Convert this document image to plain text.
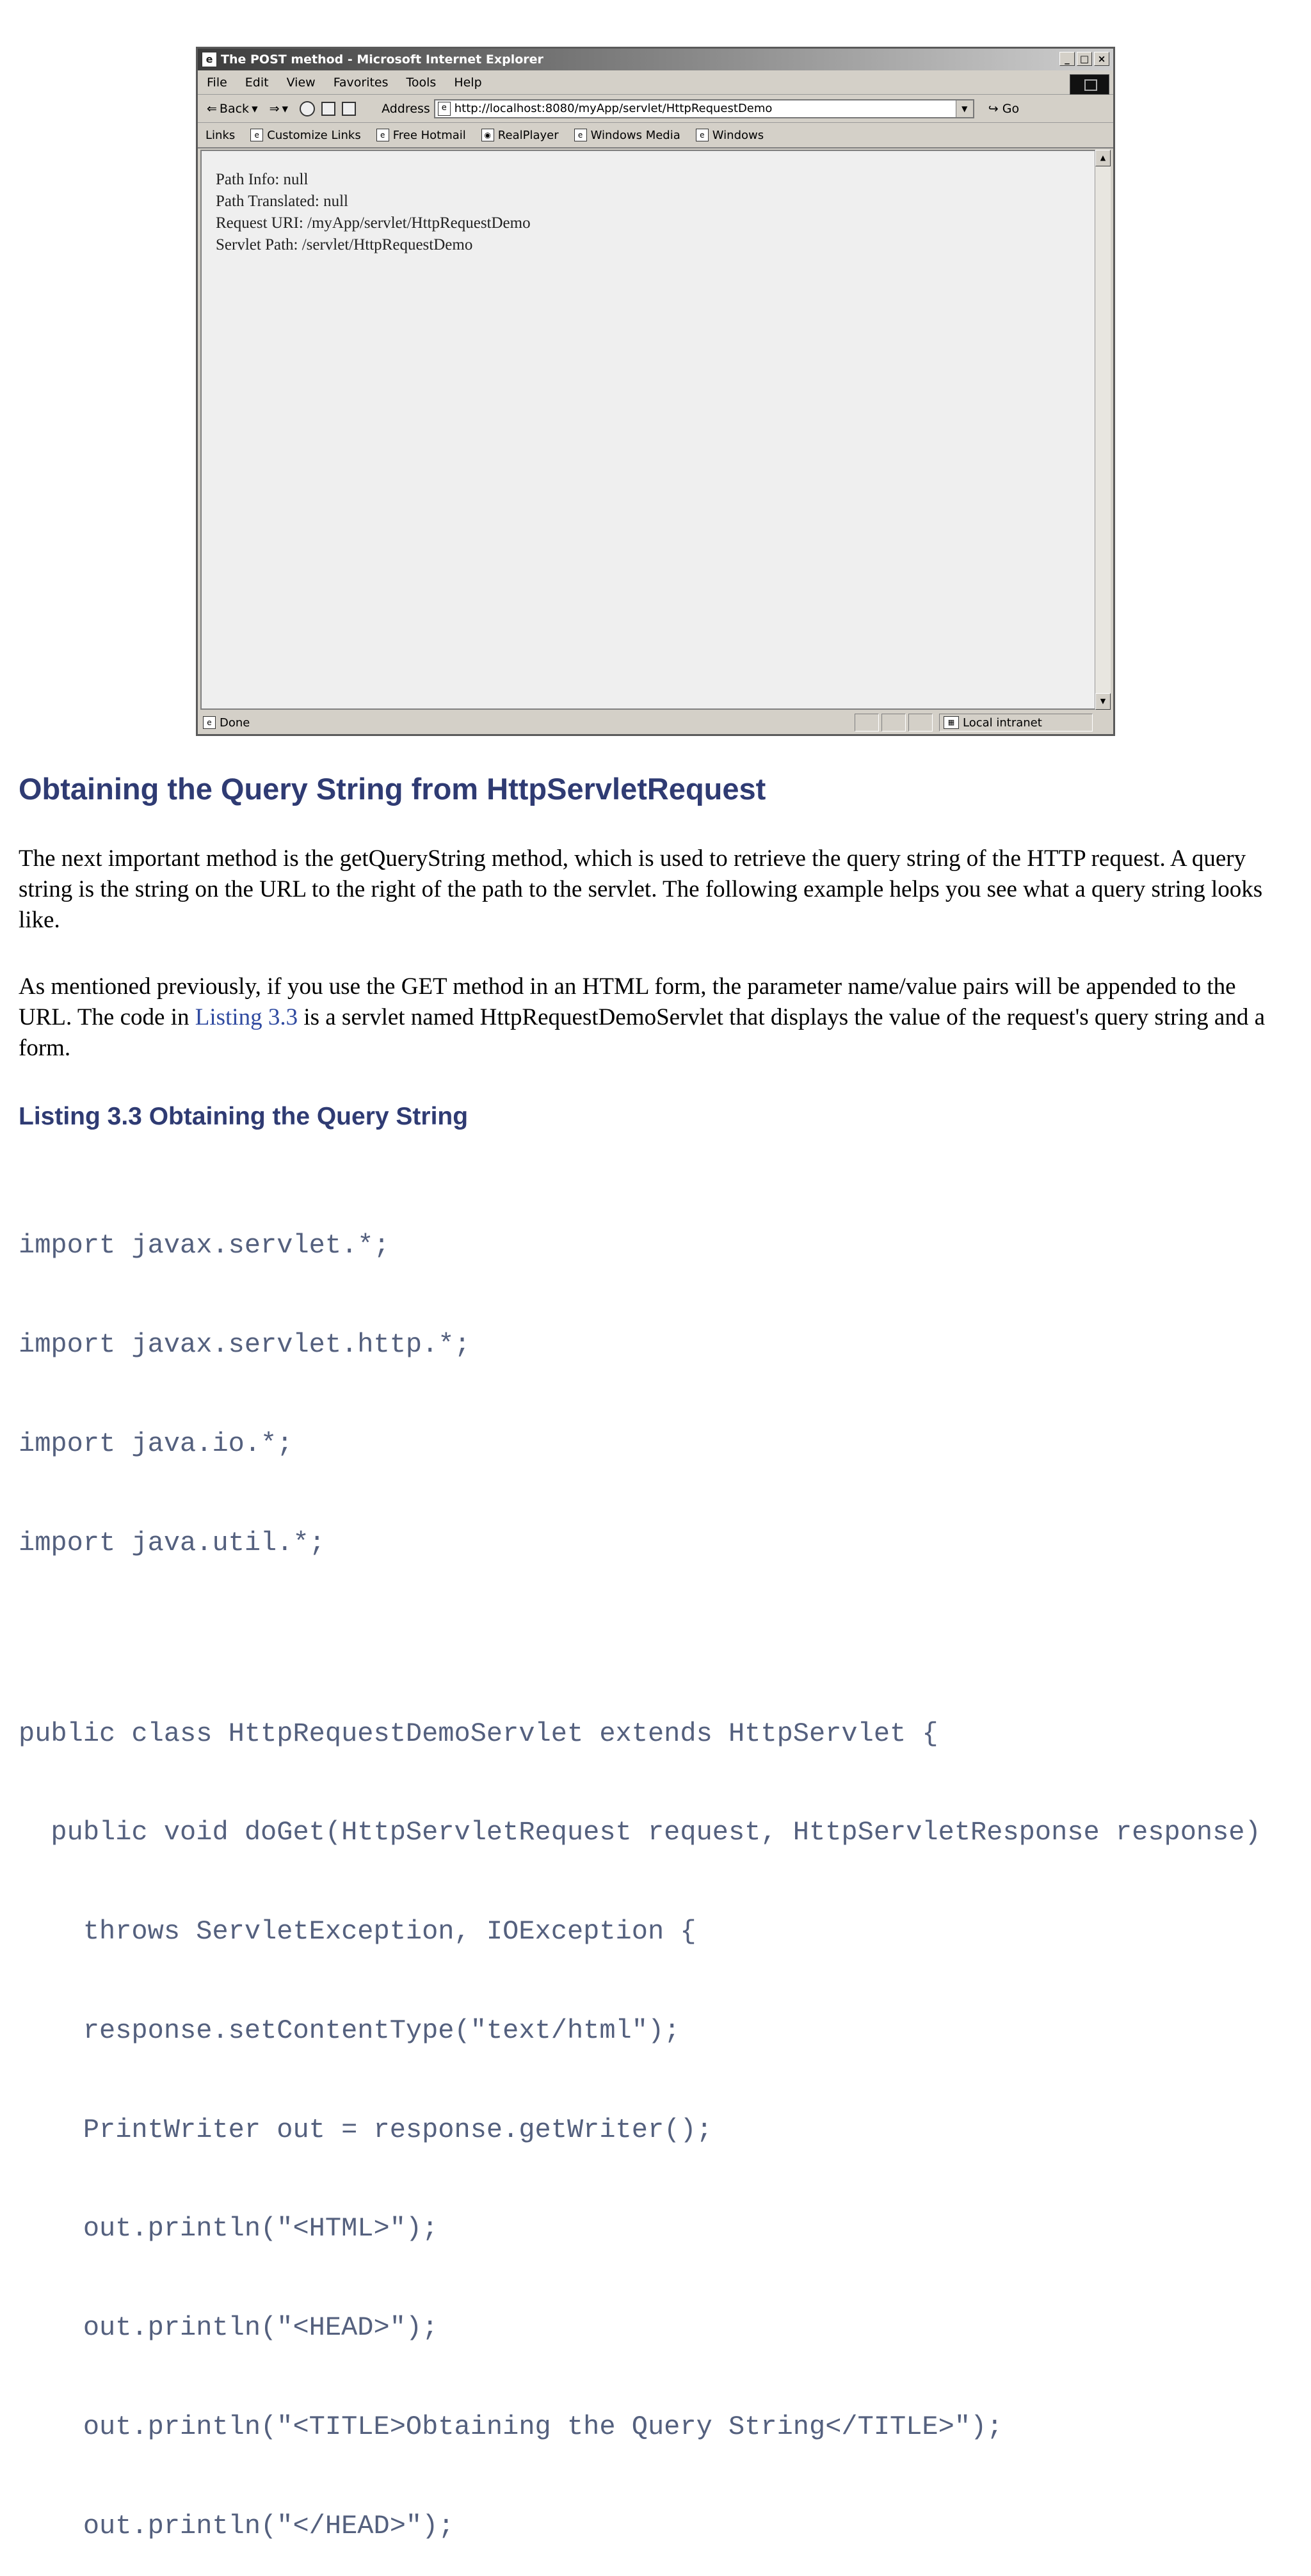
e The POST method - Microsoft Internet Explorer	_	□ ×
File Edit View Favorites Tools Help
⇐ Back ▾ ⇒ ▾	Address	e http://localhost:8080/myApp/servlet/HttpRequestDemo	▼	↪ Go
Links	e Customize Links	e Free Hotmail	◉ RealPlayer	e Windows Media	e Windows
Path Info: null
Path Translated: null
Request URI: /myApp/servlet/HttpRequestDemo
Servlet Path: /servlet/HttpRequestDemo
▲
▼
e Done	▦ Local intranet
Obtaining the Query String from HttpServletRequest
The next important method is the getQueryString method, which is used to retrieve the query string of the HTTP request. A query string is the string on the URL to the right of the path to the servlet. The following example helps you see what a query string looks like.
As mentioned previously, if you use the GET method in an HTML form, the parameter name/value pairs will be appended to the URL. The code in Listing 3.3 is a servlet named HttpRequestDemoServlet that displays the value of the request's query string and a form.
Listing 3.3 Obtaining the Query String

import javax.servlet.*;

import javax.servlet.http.*;

import java.io.*;

import java.util.*;

public class HttpRequestDemoServlet extends HttpServlet {

public void doGet(HttpServletRequest request, HttpServletResponse response)

throws ServletException, IOException {

response.setContentType("text/html");

PrintWriter out = response.getWriter();

out.println("<HTML>");

out.println("<HEAD>");

out.println("<TITLE>Obtaining the Query String</TITLE>");

out.println("</HEAD>");
